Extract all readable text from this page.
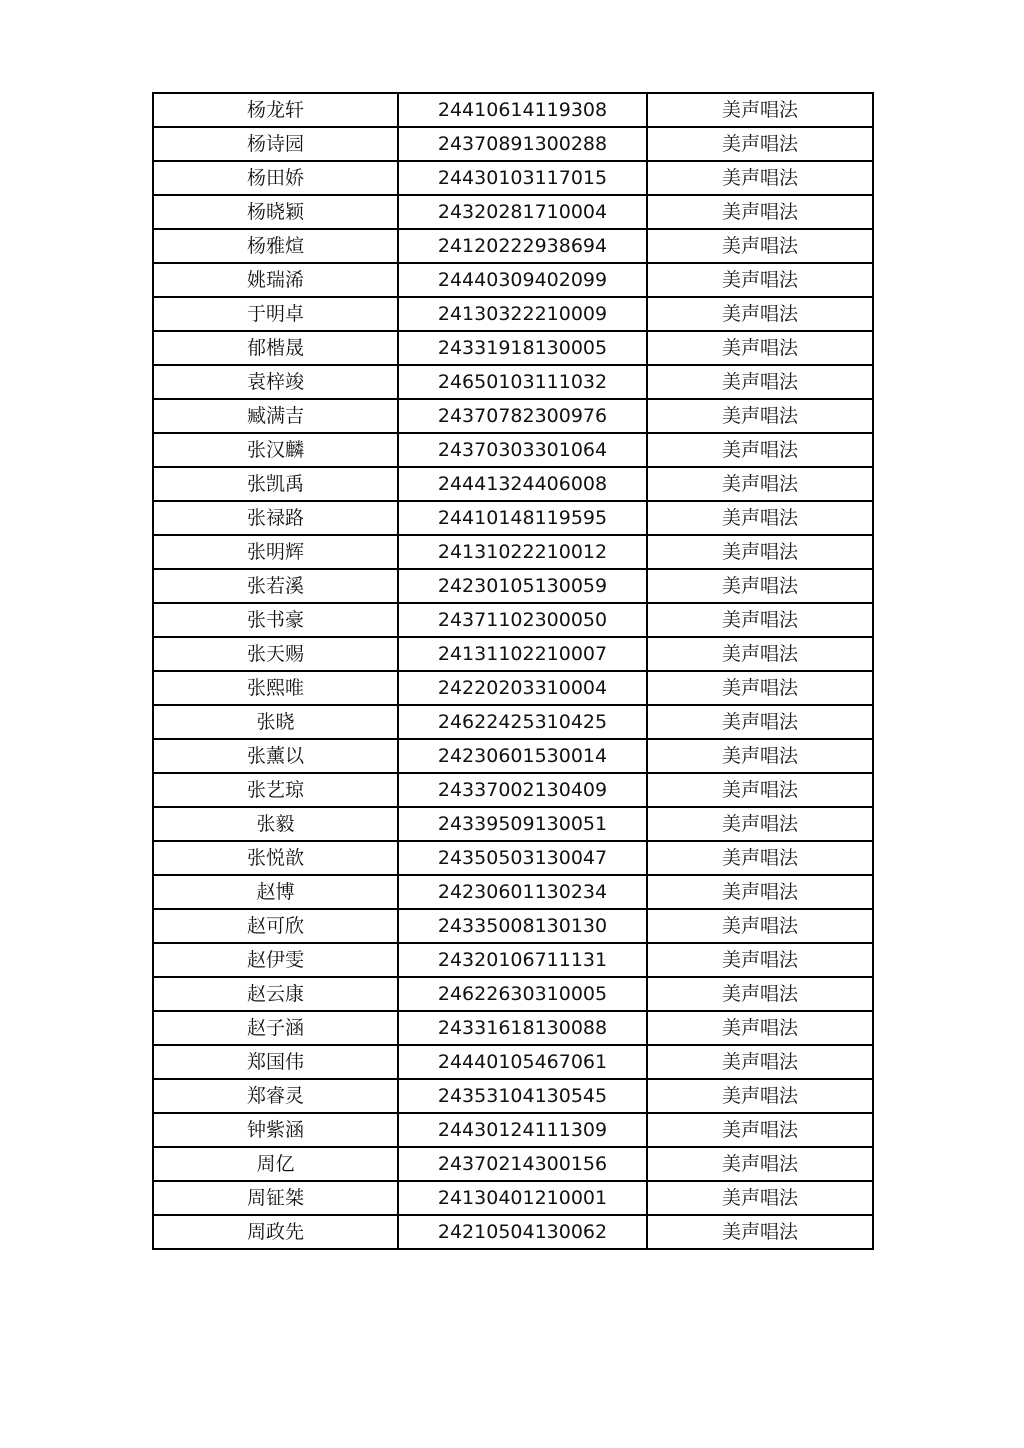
杨龙轩	24410614119308	美声唱法
杨诗园	24370891300288	美声唱法
杨田娇	24430103117015	美声唱法
杨晓颖	24320281710004	美声唱法
杨雅煊	24120222938694	美声唱法
姚瑞浠	24440309402099	美声唱法
于明卓	24130322210009	美声唱法
郁楷晟	24331918130005	美声唱法
袁梓竣	24650103111032	美声唱法
臧满吉	24370782300976	美声唱法
张汉麟	24370303301064	美声唱法
张凯禹	24441324406008	美声唱法
张禄路	24410148119595	美声唱法
张明辉	24131022210012	美声唱法
张若溪	24230105130059	美声唱法
张书豪	24371102300050	美声唱法
张天赐	24131102210007	美声唱法
张熙唯	24220203310004	美声唱法
张晓	24622425310425	美声唱法
张薰以	24230601530014	美声唱法
张艺琼	24337002130409	美声唱法
张毅	24339509130051	美声唱法
张悦歆	24350503130047	美声唱法
赵博	24230601130234	美声唱法
赵可欣	24335008130130	美声唱法
赵伊雯	24320106711131	美声唱法
赵云康	24622630310005	美声唱法
赵子涵	24331618130088	美声唱法
郑国伟	24440105467061	美声唱法
郑睿灵	24353104130545	美声唱法
钟紫涵	24430124111309	美声唱法
周亿	24370214300156	美声唱法
周钲桀	24130401210001	美声唱法
周政先	24210504130062	美声唱法
